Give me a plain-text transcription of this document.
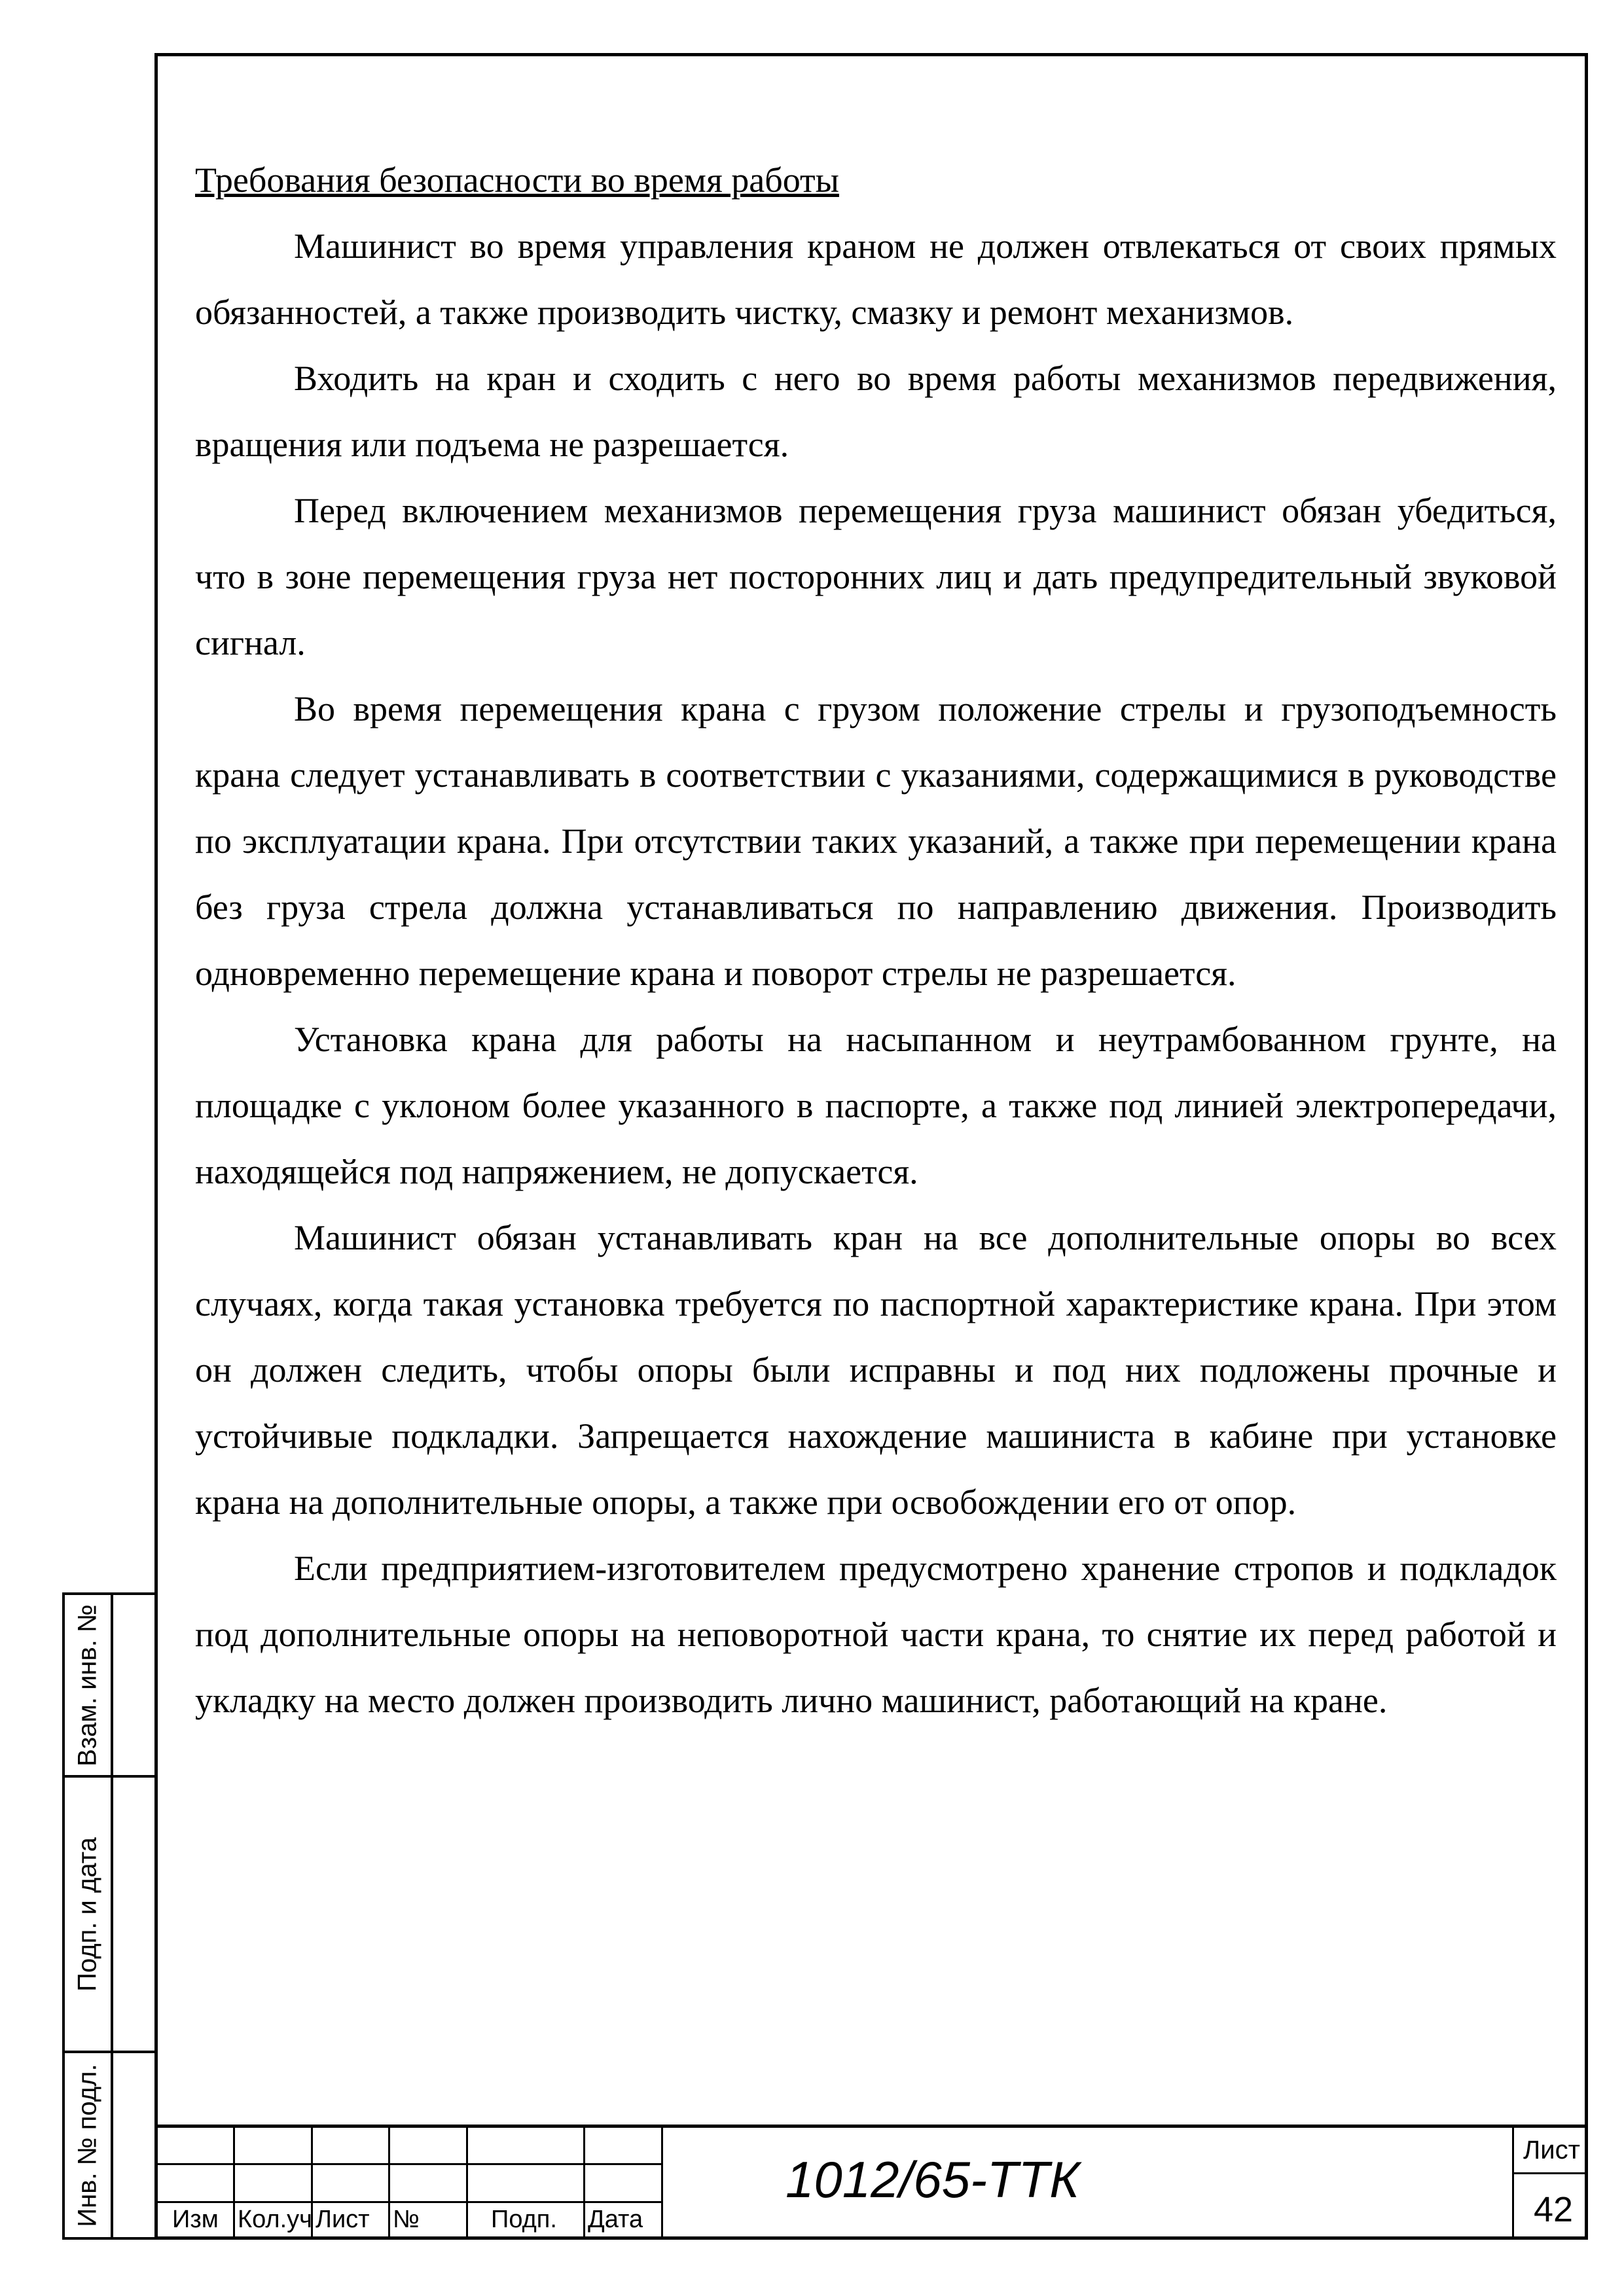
Требования безопасности во время работы

Машинист во время управления краном не должен отвлекаться от своих прямых обязанностей, а также производить чистку, смазку и ремонт механизмов.

Входить на кран и сходить с него во время работы механизмов передвижения, вращения или подъема не разрешается.

Перед включением механизмов перемещения груза машинист обязан убедиться, что в зоне перемещения груза нет посторонних лиц и дать предупредительный звуковой сигнал.

Во время перемещения крана с грузом положение стрелы и грузоподъемность крана следует устанавливать в соответствии с указаниями, содержащимися в руководстве по эксплуатации крана. При отсутствии таких указаний, а также при перемещении крана без груза стрела должна устанавливаться по направлению движения. Производить одновременно перемещение крана и поворот стрелы не разрешается.

Установка крана для работы на насыпанном и неутрамбованном грунте, на площадке с уклоном более указанного в паспорте, а также под линией электропередачи, находящейся под напряжением, не допускается.

Машинист обязан устанавливать кран на все дополнительные опоры во всех случаях, когда такая установка требуется по паспортной характеристике крана. При этом он должен следить, чтобы опоры были исправны и под них подложены прочные и устойчивые подкладки. Запрещается нахождение машиниста в кабине при установке крана на дополнительные опоры, а также при освобождении его от опор.

Если предприятием-изготовителем предусмотрено хранение стропов и подкладок под дополнительные опоры на неповоротной части крана, то снятие их перед работой и укладку на место должен производить лично машинист, работающий на кране.

Взам. инв. №
Подп. и дата
Инв. № подл.	Изм Кол.уч Лист №	Подп. Дата
1012/65-ТТК
Лист
42
